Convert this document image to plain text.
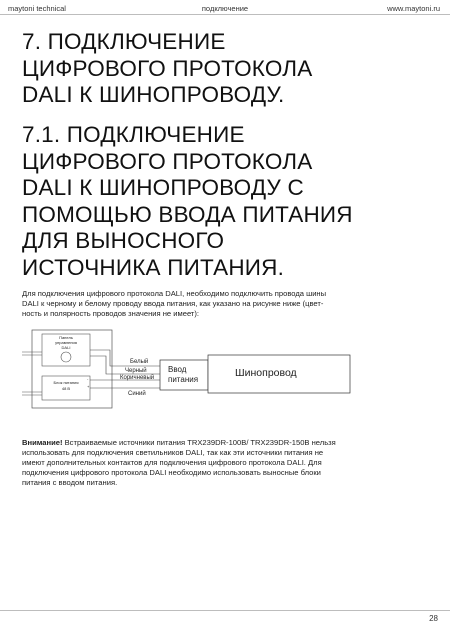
maytoni technical	подключение	www.maytoni.ru
7. ПОДКЛЮЧЕНИЕ
ЦИФРОВОГО ПРОТОКОЛА
DALI К ШИНОПРОВОДУ.
7.1. ПОДКЛЮЧЕНИЕ
ЦИФРОВОГО ПРОТОКОЛА
DALI К ШИНОПРОВОДУ С
ПОМОЩЬЮ ВВОДА ПИТАНИЯ
ДЛЯ ВЫНОСНОГО
ИСТОЧНИКА ПИТАНИЯ.
Для подключения цифрового протокола DALI, необходимо подключить провода шины
DALI к черному и белому проводу ввода питания, как указано на рисунке ниже (цвет-
ность и полярность проводов значения не имеет):
Панель
управления
DALI
Блок питания
48 В
-
+
Белый
Черный
Коричневый
Синий
Ввод
питания
Шинопровод
Внимание! Встраиваемые источники питания TRX239DR-100B/ TRX239DR-150B нельзя
использовать для подключения светильников DALI, так как эти источники питания не
имеют дополнительных контактов для подключения цифрового протокола DALI. Для
подключения цифрового протокола DALI необходимо использовать выносные блоки
питания с вводом питания.
28
